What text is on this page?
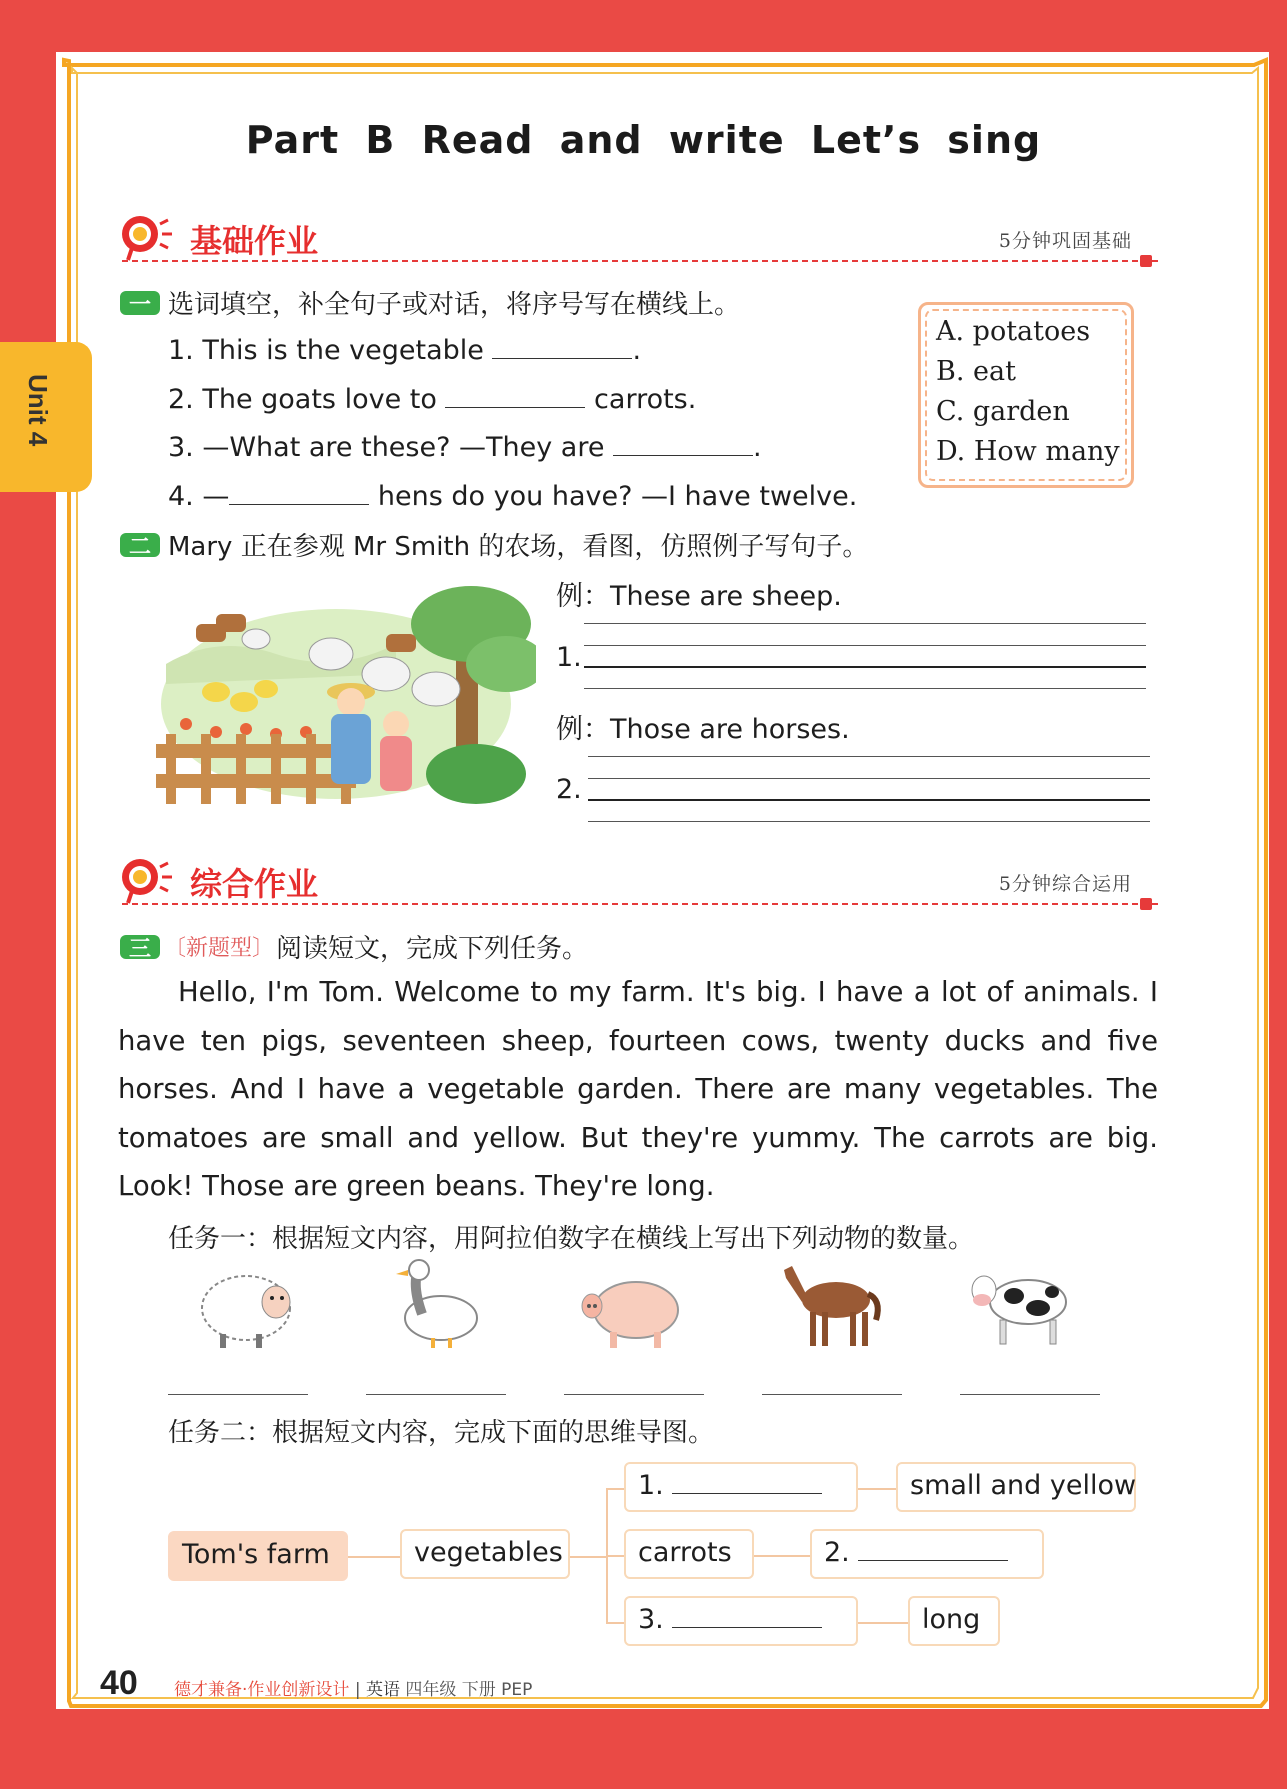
Unit 4
Part B Read and write Let’s sing
基础作业	5分钟巩固基础
一 选词填空，补全句子或对话，将序号写在横线上。
1. This is the vegetable	.
2. The goats love to	carrots.
3. —What are these? —They are	.
4. —	hens do you have? —I have twelve.
A. potatoes
B. eat
C. garden
D. How many
二 Mary 正在参观 Mr Smith 的农场，看图，仿照例子写句子。
例：These are sheep.
1.
例：Those are horses.
2.
综合作业	5分钟综合运用
三 〔新题型〕阅读短文，完成下列任务。

Hello, I'm Tom. Welcome to my farm. It's big. I have a lot of animals. I have ten pigs, seventeen sheep, fourteen cows, twenty ducks and five horses. And I have a vegetable garden. There are many vegetables. The tomatoes are small and yellow. But they're yummy. The carrots are big. Look! Those are green beans. They're long.

任务一：根据短文内容，用阿拉伯数字在横线上写出下列动物的数量。
任务二：根据短文内容，完成下面的思维导图。
Tom's farm	vegetables
1.
carrots
3.
small and yellow
2.
long
40 德才兼备·作业创新设计 | 英语 四年级 下册 PEP
